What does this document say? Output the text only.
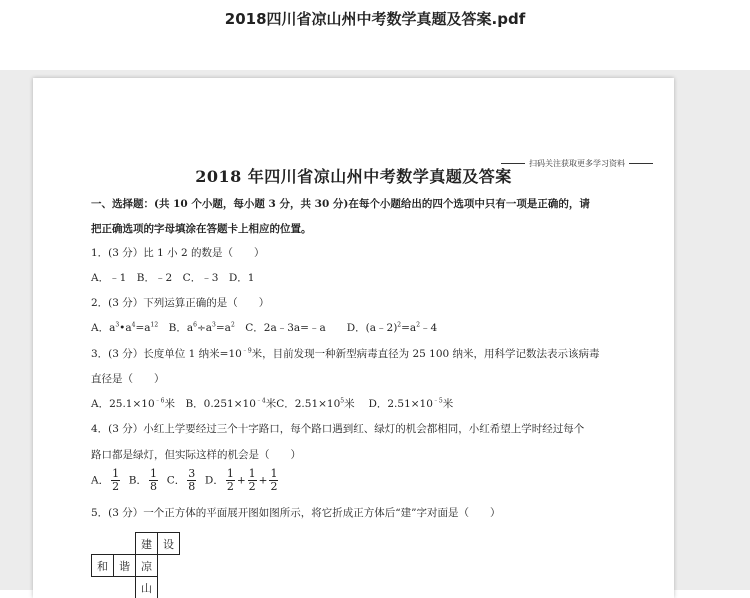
2018四川省凉山州中考数学真题及答案.pdf
扫码关注获取更多学习资料
2018 年四川省凉山州中考数学真题及答案
一、选择题：(共 10 个小题，每小题 3 分，共 30 分)在每个小题给出的四个选项中只有一项是正确的，请
把正确选项的字母填涂在答题卡上相应的位置。
1．(3 分）比 1 小 2 的数是（　　）
A．﹣1　B．﹣2　C．﹣3　D．1
2．(3 分）下列运算正确的是（　　）
A．$a^3•a^4=a^{12}$　B．$a^6\div a^3=a^2$　C．2a﹣3a=﹣a　　D．$(a﹣2)^2=a^2﹣4$
3．(3 分）长度单位 1 纳米$=10^{﹣9}$米，目前发现一种新型病毒直径为 25 100 纳米，用科学记数法表示该病毒
直径是（　　）
A．$25.1\times 10^{﹣6}$米　B．$0.251\times 10^{﹣4}$米C．$2.51\times 10^5$米　 D．$2.51\times 10^{﹣5}$米
4．(3 分）小红上学要经过三个十字路口，每个路口遇到红、绿灯的机会都相同，小红希望上学时经过每个
路口都是绿灯，但实际这样的机会是（　　）
A． $\frac{1}{2}$ B． $\frac{1}{8}$ C． $\frac{3}{8}$ D． $\frac{1}{2} + \frac{1}{2} + \frac{1}{2}$
5．(3 分）一个正方体的平面展开图如图所示，将它折成正方体后“建”字对面是（　　）
		建	设
和	谐	凉	
		山	
